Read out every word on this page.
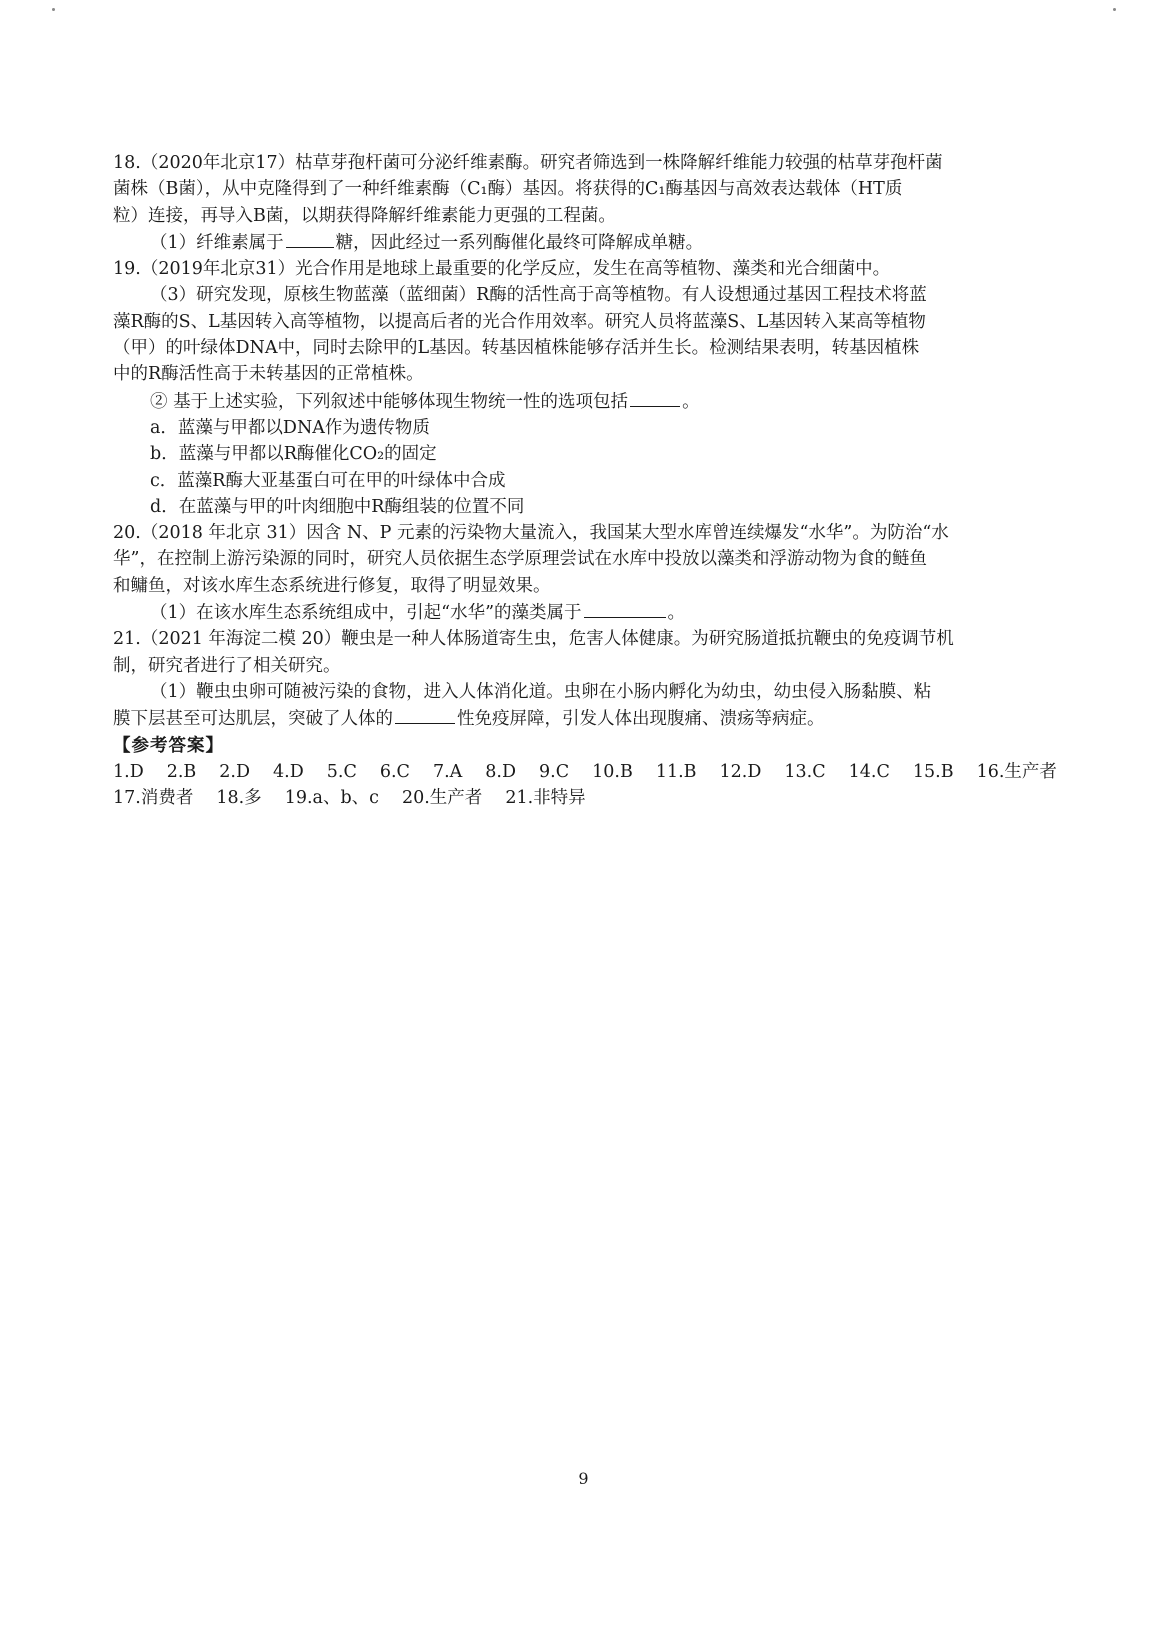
18.（2020年北京17）枯草芽孢杆菌可分泌纤维素酶。研究者筛选到一株降解纤维能力较强的枯草芽孢杆菌

菌株（B菌），从中克隆得到了一种纤维素酶（C₁酶）基因。将获得的C₁酶基因与高效表达载体（HT质

粒）连接，再导入B菌，以期获得降解纤维素能力更强的工程菌。

（1）纤维素属于	糖，因此经过一系列酶催化最终可降解成单糖。

19.（2019年北京31）光合作用是地球上最重要的化学反应，发生在高等植物、藻类和光合细菌中。

（3）研究发现，原核生物蓝藻（蓝细菌）R酶的活性高于高等植物。有人设想通过基因工程技术将蓝

藻R酶的S、L基因转入高等植物，以提高后者的光合作用效率。研究人员将蓝藻S、L基因转入某高等植物

（甲）的叶绿体DNA中，同时去除甲的L基因。转基因植株能够存活并生长。检测结果表明，转基因植株

中的R酶活性高于未转基因的正常植株。

② 基于上述实验，下列叙述中能够体现生物统一性的选项包括	。

a．蓝藻与甲都以DNA作为遗传物质

b．蓝藻与甲都以R酶催化CO₂的固定

c．蓝藻R酶大亚基蛋白可在甲的叶绿体中合成

d．在蓝藻与甲的叶肉细胞中R酶组装的位置不同

20.（2018 年北京 31）因含 N、P 元素的污染物大量流入，我国某大型水库曾连续爆发“水华”。为防治“水

华”，在控制上游污染源的同时，研究人员依据生态学原理尝试在水库中投放以藻类和浮游动物为食的鲢鱼

和鳙鱼，对该水库生态系统进行修复，取得了明显效果。

（1）在该水库生态系统组成中，引起“水华”的藻类属于	。

21.（2021 年海淀二模 20）鞭虫是一种人体肠道寄生虫，危害人体健康。为研究肠道抵抗鞭虫的免疫调节机

制，研究者进行了相关研究。

（1）鞭虫虫卵可随被污染的食物，进入人体消化道。虫卵在小肠内孵化为幼虫，幼虫侵入肠黏膜、粘

膜下层甚至可达肌层，突破了人体的	性免疫屏障，引发人体出现腹痛、溃疡等病症。

【参考答案】

1.D 2.B 2.D 4.D 5.C 6.C 7.A 8.D 9.C 10.B 11.B 12.D 13.C 14.C 15.B 16.生产者

17.消费者 18.多 19.a、b、c 20.生产者 21.非特异

9
